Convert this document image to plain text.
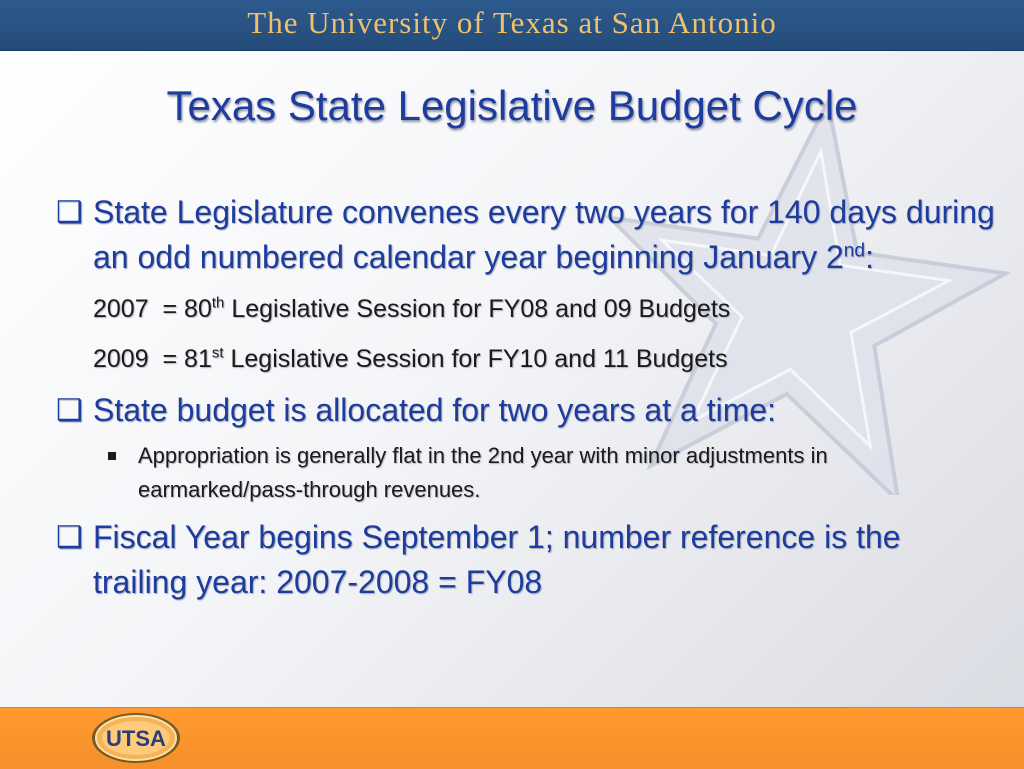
The University of Texas at San Antonio
Texas State Legislative Budget Cycle
❑ State Legislature convenes every two years for 140 days during an odd numbered calendar year beginning January 2nd:
2007  = 80th Legislative Session for FY08 and 09 Budgets
2009  = 81st Legislative Session for FY10 and 11 Budgets
❑ State budget is allocated for two years at a time:
Appropriation is generally flat in the 2nd year with minor adjustments in earmarked/pass-through revenues.
❑ Fiscal Year begins September 1; number reference is the trailing year: 2007-2008 = FY08
UTSA
